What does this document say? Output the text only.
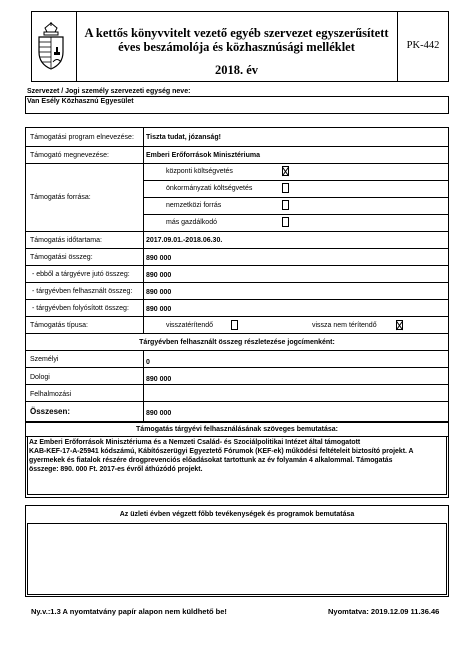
A kettős könyvvitelt vezető egyéb szervezet egyszerűsített
éves beszámolója és közhasznúsági melléklet
2018. év
PK-442
Szervezet / Jogi személy szervezeti egység neve:
Van Esély Közhasznú Egyesület
Támogatási program elnevezése: Tiszta tudat, józanság!
Támogató megnevezése:	Emberi Erőforrások Minisztériuma
Támogatás forrása:
központi költségvetés
önkormányzati költségvetés
nemzetközi forrás
más gazdálkodó
Támogatás időtartama:	2017.09.01.-2018.06.30.
Támogatási összeg:	890 000
- ebből a tárgyévre jutó összeg: 890 000
- tárgyévben felhasznált összeg: 890 000
- tárgyévben folyósított összeg: 890 000
Támogatás típusa:	visszatérítendő	vissza nem térítendő
Tárgyévben felhasznált összeg részletezése jogcímenként:
Személyi	0
Dologi	890 000
Felhalmozási
Összesen:	890 000
Támogatás tárgyévi felhasználásának szöveges bemutatása:
Az Emberi Erőforrások Minisztériuma és a Nemzeti Család- és Szociálpolitikai Intézet által támogatott
KAB-KEF-17-A-25941 kódszámú, Kábítószerügyi Egyeztető Fórumok (KEF-ek) működési feltételeit biztosító projekt. A
gyermekek és fiatalok részére drogprevenciós előadásokat tartottunk az év folyamán 4 alkalommal. Támogatás
összege: 890. 000 Ft. 2017-es évről áthúzódó projekt.
Az üzleti évben végzett főbb tevékenységek és programok bemutatása
Ny.v.:1.3 A nyomtatvány papír alapon nem küldhető be!	Nyomtatva: 2019.12.09 11.36.46
